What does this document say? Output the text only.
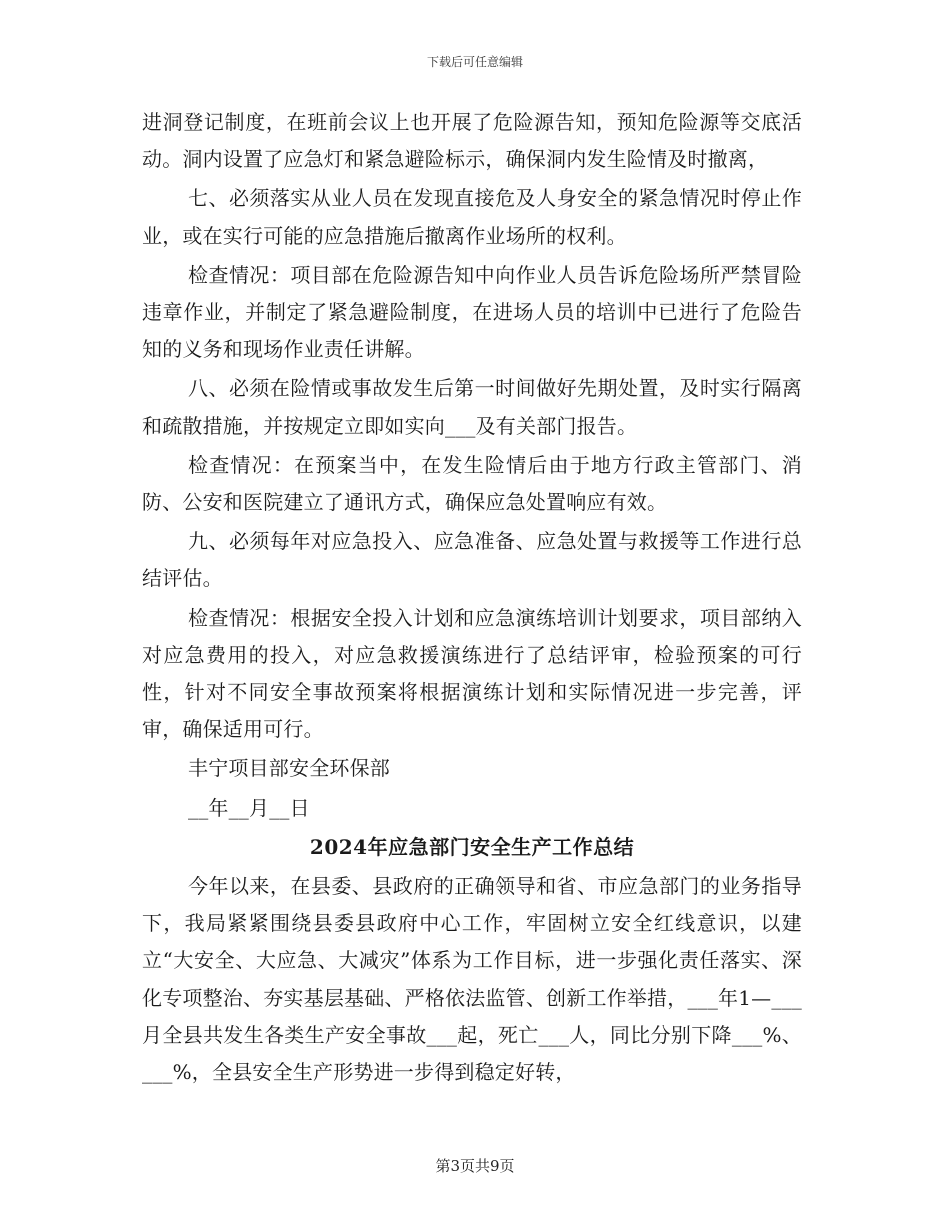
下载后可任意编辑

进洞登记制度，在班前会议上也开展了危险源告知，预知危险源等交底活动。洞内设置了应急灯和紧急避险标示，确保洞内发生险情及时撤离，

七、必须落实从业人员在发现直接危及人身安全的紧急情况时停止作业，或在实行可能的应急措施后撤离作业场所的权利。

检查情况：项目部在危险源告知中向作业人员告诉危险场所严禁冒险违章作业，并制定了紧急避险制度，在进场人员的培训中已进行了危险告知的义务和现场作业责任讲解。

八、必须在险情或事故发生后第一时间做好先期处置，及时实行隔离和疏散措施，并按规定立即如实向___及有关部门报告。

检查情况：在预案当中，在发生险情后由于地方行政主管部门、消防、公安和医院建立了通讯方式，确保应急处置响应有效。

九、必须每年对应急投入、应急准备、应急处置与救援等工作进行总结评估。

检查情况：根据安全投入计划和应急演练培训计划要求，项目部纳入对应急费用的投入，对应急救援演练进行了总结评审，检验预案的可行性，针对不同安全事故预案将根据演练计划和实际情况进一步完善，评审，确保适用可行。

丰宁项目部安全环保部

__年__月__日

2024年应急部门安全生产工作总结

今年以来，在县委、县政府的正确领导和省、市应急部门的业务指导下，我局紧紧围绕县委县政府中心工作，牢固树立安全红线意识，以建立“大安全、大应急、大减灾”体系为工作目标，进一步强化责任落实、深化专项整治、夯实基层基础、严格依法监管、创新工作举措，___年1—___月全县共发生各类生产安全事故___起，死亡___人，同比分别下降___%、___%，全县安全生产形势进一步得到稳定好转，

第3页共9页
